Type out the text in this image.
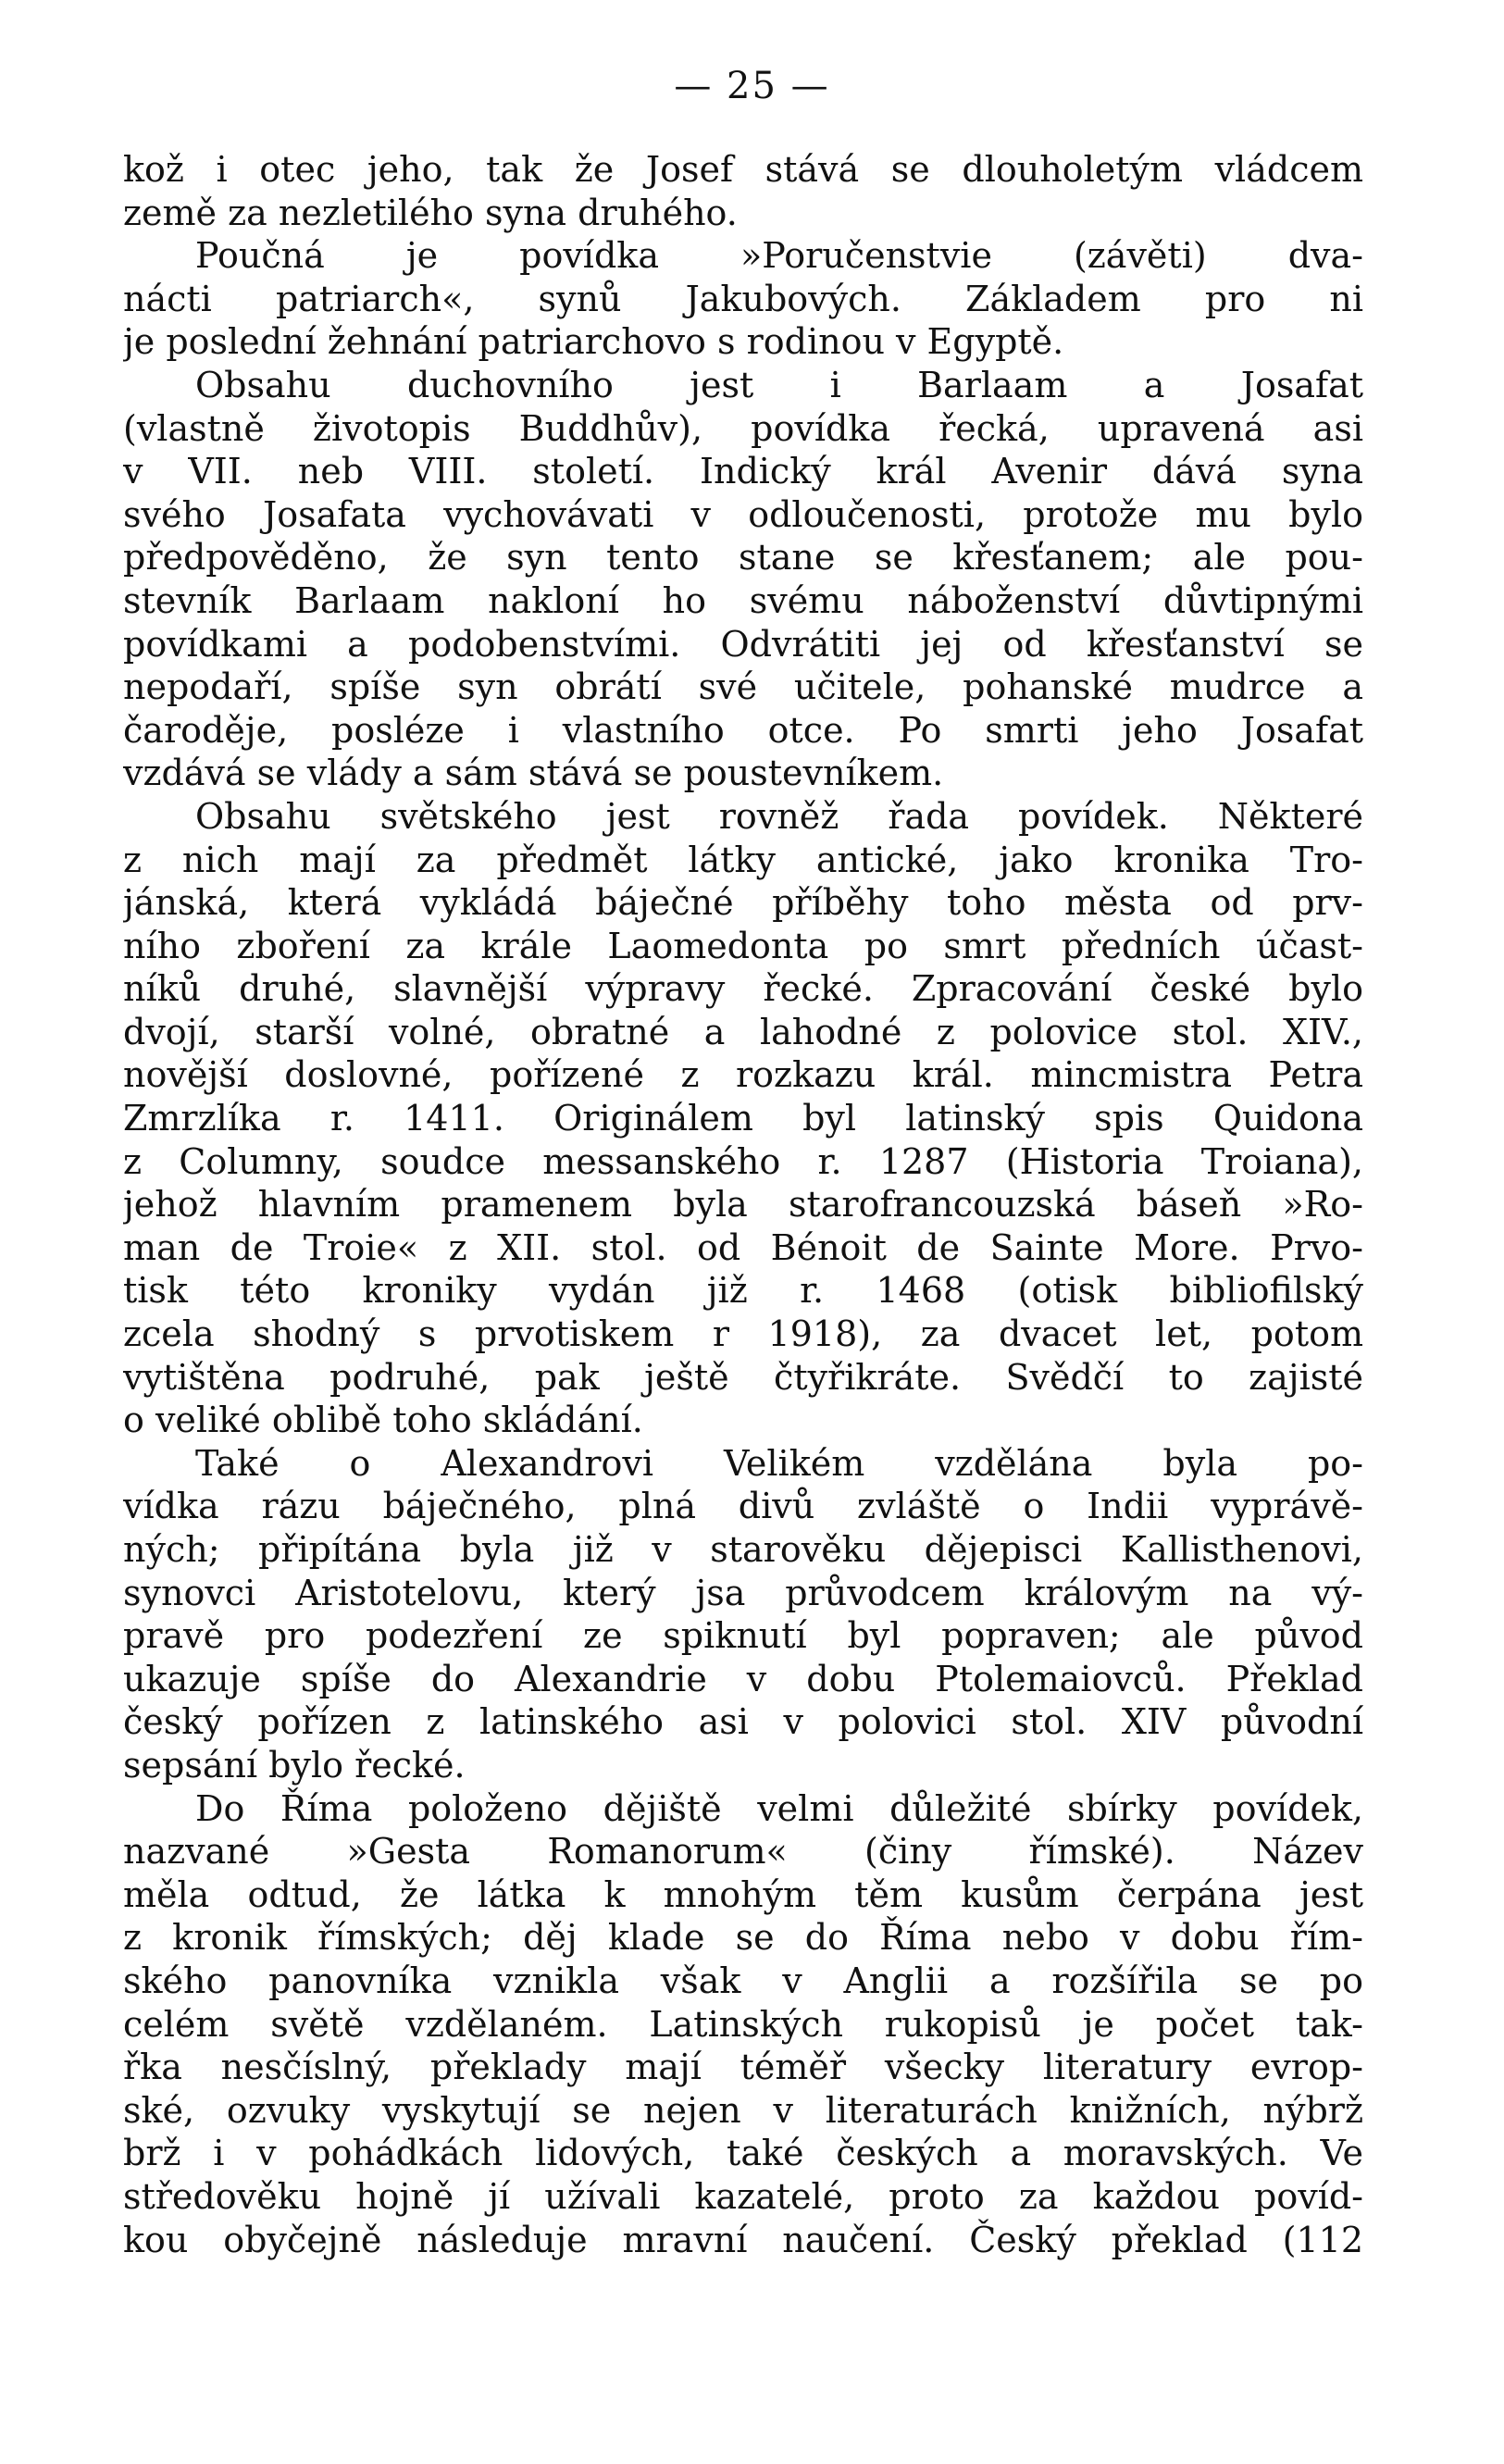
— 25 —
kož i otec jeho, tak že Josef stává se dlouholetým vládcem
země za nezletilého syna druhého.
Poučná je povídka »Poručenstvie (závěti) dva-
nácti patriarch«, synů Jakubových. Základem pro ni
je poslední žehnání patriarchovo s rodinou v Egyptě.
Obsahu duchovního jest i Barlaam a Josafat
(vlastně životopis Buddhův), povídka řecká, upravená asi
v VII. neb VIII. století. Indický král Avenir dává syna
svého Josafata vychovávati v odloučenosti, protože mu bylo
předpověděno, že syn tento stane se křesťanem; ale pou-
stevník Barlaam nakloní ho svému náboženství důvtipnými
povídkami a podobenstvími. Odvrátiti jej od křesťanství se
nepodaří, spíše syn obrátí své učitele, pohanské mudrce a
čaroděje, posléze i vlastního otce. Po smrti jeho Josafat
vzdává se vlády a sám stává se poustevníkem.
Obsahu světského jest rovněž řada povídek. Některé
z nich mají za předmět látky antické, jako kronika Tro-
jánská, která vykládá báječné příběhy toho města od prv-
ního zboření za krále Laomedonta po smrt předních účast-
níků druhé, slavnější výpravy řecké. Zpracování české bylo
dvojí, starší volné, obratné a lahodné z polovice stol. XIV.,
novější doslovné, pořízené z rozkazu král. mincmistra Petra
Zmrzlíka r. 1411. Originálem byl latinský spis Quidona
z Columny, soudce messanského r. 1287 (Historia Troiana),
jehož hlavním pramenem byla starofrancouzská báseň »Ro-
man de Troie« z XII. stol. od Bénoit de Sainte More. Prvo-
tisk této kroniky vydán již r. 1468 (otisk bibliofilský
zcela shodný s prvotiskem r 1918), za dvacet let, potom
vytištěna podruhé, pak ještě čtyřikráte. Svědčí to zajisté
o veliké oblibě toho skládání.
Také o Alexandrovi Velikém vzdělána byla po-
vídka rázu báječného, plná divů zvláště o Indii vyprávě-
ných; připítána byla již v starověku dějepisci Kallisthenovi,
synovci Aristotelovu, který jsa průvodcem královým na vý-
pravě pro podezření ze spiknutí byl popraven; ale původ
ukazuje spíše do Alexandrie v dobu Ptolemaiovců. Překlad
český pořízen z latinského asi v polovici stol. XIV původní
sepsání bylo řecké.
Do Říma položeno dějiště velmi důležité sbírky povídek,
nazvané »Gesta Romanorum« (činy římské). Název
měla odtud, že látka k mnohým těm kusům čerpána jest
z kronik římských; děj klade se do Říma nebo v dobu řím-
ského panovníka vznikla však v Anglii a rozšířila se po
celém světě vzdělaném. Latinských rukopisů je počet tak-
řka nesčíslný, překlady mají téměř všecky literatury evrop-
ské, ozvuky vyskytují se nejen v literaturách knižních, nýbrž
brž i v pohádkách lidových, také českých a moravských. Ve
středověku hojně jí užívali kazatelé, proto za každou povíd-
kou obyčejně následuje mravní naučení. Český překlad (112
